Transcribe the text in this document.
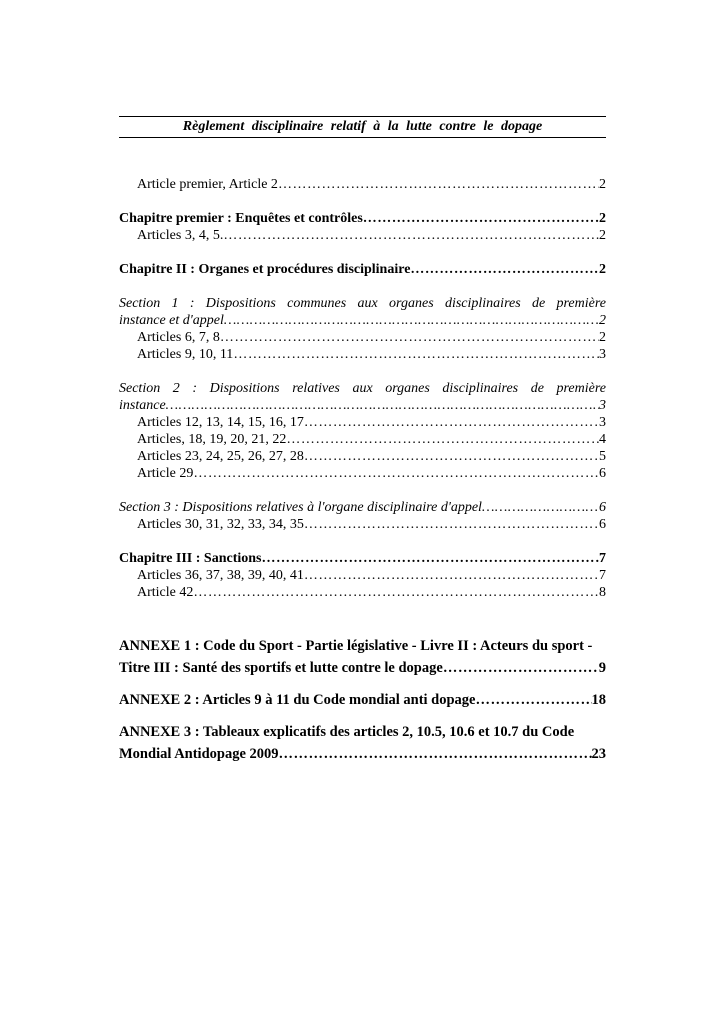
Règlement disciplinaire relatif à la lutte contre le dopage
Article premier, Article 2 ……………………………………………………………………………………………………………………………………………………………………………………………………………	2
Chapitre premier : Enquêtes et contrôles ……………………………………………………………………………………………………………………………………………………………………………………………………………	2
Articles 3, 4, 5. ……………………………………………………………………………………………………………………………………………………………………………………………………………	2
Chapitre II : Organes et procédures disciplinaire ……………………………………………………………………………………………………………………………………………………………………………………………………………	2
Section 1 : Dispositions communes aux organes disciplinaires de première
instance et d'appel ……………………………………………………………………………………………………………………………………………………………………………………………………………	2
Articles 6, 7, 8 ……………………………………………………………………………………………………………………………………………………………………………………………………………	2
Articles 9, 10, 11 ……………………………………………………………………………………………………………………………………………………………………………………………………………	3
Section 2 : Dispositions relatives aux organes disciplinaires de première
instance ……………………………………………………………………………………………………………………………………………………………………………………………………………	3
Articles 12, 13, 14, 15, 16, 17 ……………………………………………………………………………………………………………………………………………………………………………………………………………	3
Articles, 18, 19, 20, 21, 22 ……………………………………………………………………………………………………………………………………………………………………………………………………………	4
Articles 23, 24, 25, 26, 27, 28 ……………………………………………………………………………………………………………………………………………………………………………………………………………	5
Article 29 ……………………………………………………………………………………………………………………………………………………………………………………………………………	6
Section 3 : Dispositions relatives à l'organe disciplinaire d'appel ……………………………………………………………………………………………………………………………………………………………………………………………………………	6
Articles 30, 31, 32, 33, 34, 35 ……………………………………………………………………………………………………………………………………………………………………………………………………………	6
Chapitre III : Sanctions ……………………………………………………………………………………………………………………………………………………………………………………………………………	7
Articles 36, 37, 38, 39, 40, 41 ……………………………………………………………………………………………………………………………………………………………………………………………………………	7
Article 42 ……………………………………………………………………………………………………………………………………………………………………………………………………………	8
ANNEXE 1 : Code du Sport - Partie législative - Livre II : Acteurs du sport -
Titre III : Santé des sportifs et lutte contre le dopage ……………………………………………………………………………………………………………………………………………………………………………………………………………	9
ANNEXE 2 : Articles 9 à 11 du Code mondial anti dopage ……………………………………………………………………………………………………………………………………………………………………………………………………………	18
ANNEXE 3 : Tableaux explicatifs des articles 2, 10.5, 10.6 et 10.7 du Code
Mondial Antidopage 2009 ……………………………………………………………………………………………………………………………………………………………………………………………………………	23
